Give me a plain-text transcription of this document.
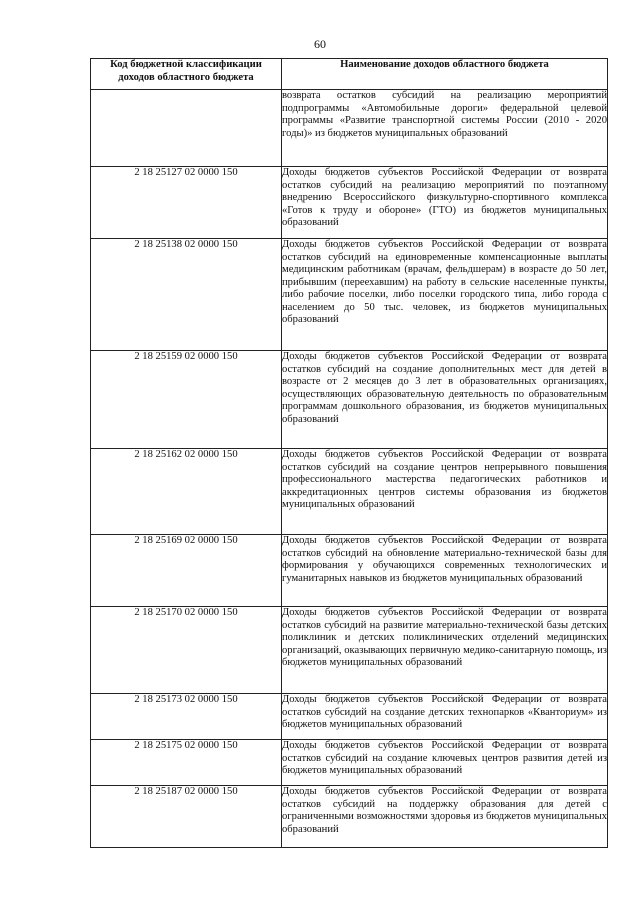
60
Код бюджетной классификации доходов областного бюджета	Наименование доходов областного бюджета
	возврата остатков субсидий на реализацию мероприятий подпрограммы «Автомобильные дороги» федеральной целевой программы «Развитие транспортной системы России (2010 - 2020 годы)» из бюджетов муниципальных образований
2 18 25127 02 0000 150	Доходы бюджетов субъектов Российской Федерации от возврата остатков субсидий на реализацию мероприятий по поэтапному внедрению Всероссийского физкультурно-спортивного комплекса «Готов к труду и обороне» (ГТО) из бюджетов муниципальных образований
2 18 25138 02 0000 150	Доходы бюджетов субъектов Российской Федерации от возврата остатков субсидий на единовременные компенсационные выплаты медицинским работникам (врачам, фельдшерам) в возрасте до 50 лет, прибывшим (переехавшим) на работу в сельские населенные пункты, либо рабочие поселки, либо поселки городского типа, либо города с населением до 50 тыс. человек, из бюджетов муниципальных образований
2 18 25159 02 0000 150	Доходы бюджетов субъектов Российской Федерации от возврата остатков субсидий на создание дополнительных мест для детей в возрасте от 2 месяцев до 3 лет в образовательных организациях, осуществляющих образовательную деятельность по образовательным программам дошкольного образования, из бюджетов муниципальных образований
2 18 25162 02 0000 150	Доходы бюджетов субъектов Российской Федерации от возврата остатков субсидий на создание центров непрерывного повышения профессионального мастерства педагогических работников и аккредитационных центров системы образования из бюджетов муниципальных образований
2 18 25169 02 0000 150	Доходы бюджетов субъектов Российской Федерации от возврата остатков субсидий на обновление материально-технической базы для формирования у обучающихся современных технологических и гуманитарных навыков из бюджетов муниципальных образований
2 18 25170 02 0000 150	Доходы бюджетов субъектов Российской Федерации от возврата остатков субсидий на развитие материально-технической базы детских поликлиник и детских поликлинических отделений медицинских организаций, оказывающих первичную медико-санитарную помощь, из бюджетов муниципальных образований
2 18 25173 02 0000 150	Доходы бюджетов субъектов Российской Федерации от возврата остатков субсидий на создание детских технопарков «Кванториум» из бюджетов муниципальных образований
2 18 25175 02 0000 150	Доходы бюджетов субъектов Российской Федерации от возврата остатков субсидий на создание ключевых центров развития детей из бюджетов муниципальных образований
2 18 25187 02 0000 150	Доходы бюджетов субъектов Российской Федерации от возврата остатков субсидий на поддержку образования для детей с ограниченными возможностями здоровья из бюджетов муниципальных образований
